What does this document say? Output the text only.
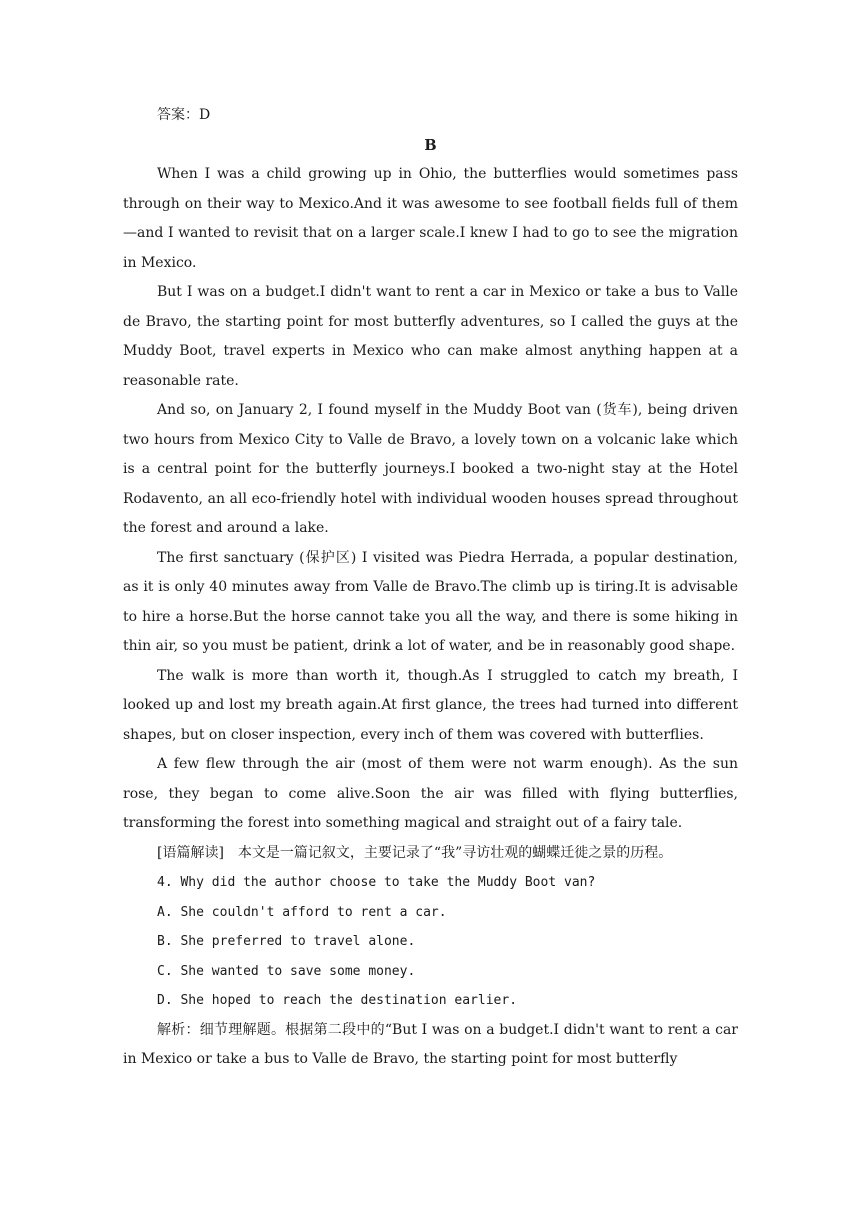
答案：D

B

When I was a child growing up in Ohio, the butterflies would sometimes pass through on their way to Mexico.And it was awesome to see football fields full of them—and I wanted to revisit that on a larger scale.I knew I had to go to see the migration in Mexico.

But I was on a budget.I didn't want to rent a car in Mexico or take a bus to Valle de Bravo, the starting point for most butterfly adventures, so I called the guys at the Muddy Boot, travel experts in Mexico who can make almost anything happen at a reasonable rate.

And so, on January 2, I found myself in the Muddy Boot van (货车), being driven two hours from Mexico City to Valle de Bravo, a lovely town on a volcanic lake which is a central point for the butterfly journeys.I booked a two-night stay at the Hotel Rodavento, an all eco-friendly hotel with individual wooden houses spread throughout the forest and around a lake.

The first sanctuary (保护区) I visited was Piedra Herrada, a popular destination, as it is only 40 minutes away from Valle de Bravo.The climb up is tiring.It is advisable to hire a horse.But the horse cannot take you all the way, and there is some hiking in thin air, so you must be patient, drink a lot of water, and be in reasonably good shape.

The walk is more than worth it, though.As I struggled to catch my breath, I looked up and lost my breath again.At first glance, the trees had turned into different shapes, but on closer inspection, every inch of them was covered with butterflies.

A few flew through the air (most of them were not warm enough). As the sun rose, they began to come alive.Soon the air was filled with flying butterflies, transforming the forest into something magical and straight out of a fairy tale.

[语篇解读]　本文是一篇记叙文，主要记录了“我”寻访壮观的蝴蝶迁徙之景的历程。

4. Why did the author choose to take the Muddy Boot van?

A. She couldn't afford to rent a car.

B. She preferred to travel alone.

C. She wanted to save some money.

D. She hoped to reach the destination earlier.

解析：细节理解题。根据第二段中的“But I was on a budget.I didn't want to rent a car in Mexico or take a bus to Valle de Bravo, the starting point for most butterfly
